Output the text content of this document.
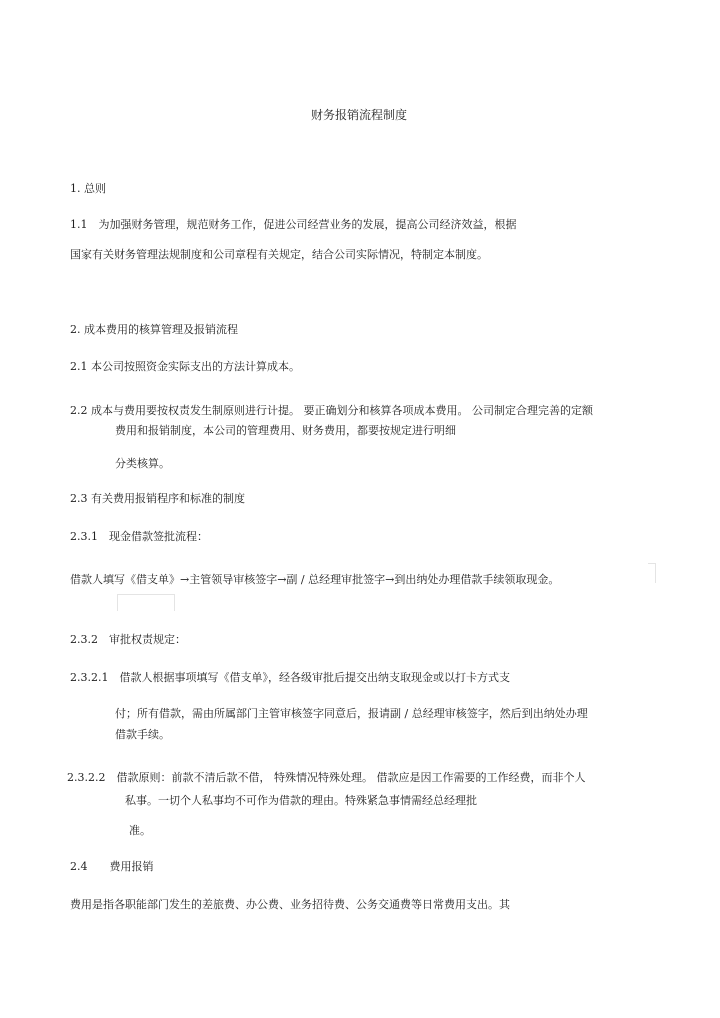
财务报销流程制度
1. 总则
1.1　为加强财务管理，规范财务工作，促进公司经营业务的发展，提高公司经济效益，根据
国家有关财务管理法规制度和公司章程有关规定，结合公司实际情况，特制定本制度。
2. 成本费用的核算管理及报销流程
2.1 本公司按照资金实际支出的方法计算成本。
2.2 成本与费用要按权责发生制原则进行计提。 要正确划分和核算各项成本费用。 公司制定合理完善的定额
费用和报销制度，本公司的管理费用、财务费用，都要按规定进行明细
分类核算。
2.3 有关费用报销程序和标准的制度
2.3.1　现金借款签批流程：
借款人填写《借支单》→主管领导审核签字→副 / 总经理审批签字→到出纳处办理借款手续领取现金。
2.3.2　审批权责规定：
2.3.2.1　借款人根据事项填写《借支单》，经各级审批后提交出纳支取现金或以打卡方式支
付；所有借款，需由所属部门主管审核签字同意后，报请副 / 总经理审核签字，然后到出纳处办理
借款手续。
2.3.2.2　借款原则：前款不清后款不借， 特殊情况特殊处理。 借款应是因工作需要的工作经费，而非个人
私事。一切个人私事均不可作为借款的理由。特殊紧急事情需经总经理批
准。
2.4　　费用报销
费用是指各职能部门发生的差旅费、办公费、业务招待费、公务交通费等日常费用支出。其
